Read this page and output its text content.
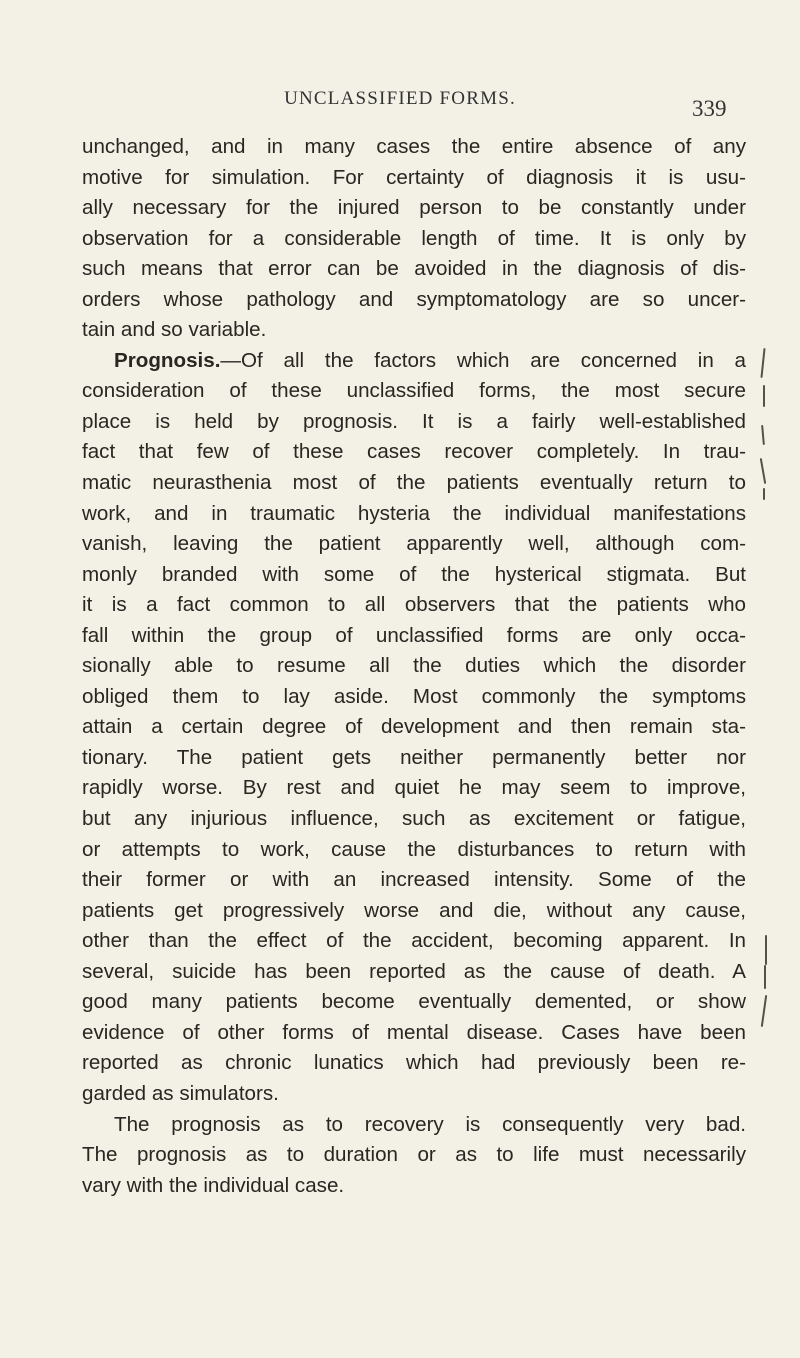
UNCLASSIFIED FORMS.	339
unchanged, and in many cases the entire absence of any
motive for simulation. For certainty of diagnosis it is usu-
ally necessary for the injured person to be constantly under
observation for a considerable length of time. It is only by
such means that error can be avoided in the diagnosis of dis-
orders whose pathology and symptomatology are so uncer-
tain and so variable.
Prognosis.—Of all the factors which are concerned in a
consideration of these unclassified forms, the most secure
place is held by prognosis. It is a fairly well-established
fact that few of these cases recover completely. In trau-
matic neurasthenia most of the patients eventually return to
work, and in traumatic hysteria the individual manifestations
vanish, leaving the patient apparently well, although com-
monly branded with some of the hysterical stigmata. But
it is a fact common to all observers that the patients who
fall within the group of unclassified forms are only occa-
sionally able to resume all the duties which the disorder
obliged them to lay aside. Most commonly the symptoms
attain a certain degree of development and then remain sta-
tionary. The patient gets neither permanently better nor
rapidly worse. By rest and quiet he may seem to improve,
but any injurious influence, such as excitement or fatigue,
or attempts to work, cause the disturbances to return with
their former or with an increased intensity. Some of the
patients get progressively worse and die, without any cause,
other than the effect of the accident, becoming apparent. In
several, suicide has been reported as the cause of death. A
good many patients become eventually demented, or show
evidence of other forms of mental disease. Cases have been
reported as chronic lunatics which had previously been re-
garded as simulators.
The prognosis as to recovery is consequently very bad.
The prognosis as to duration or as to life must necessarily
vary with the individual case.
